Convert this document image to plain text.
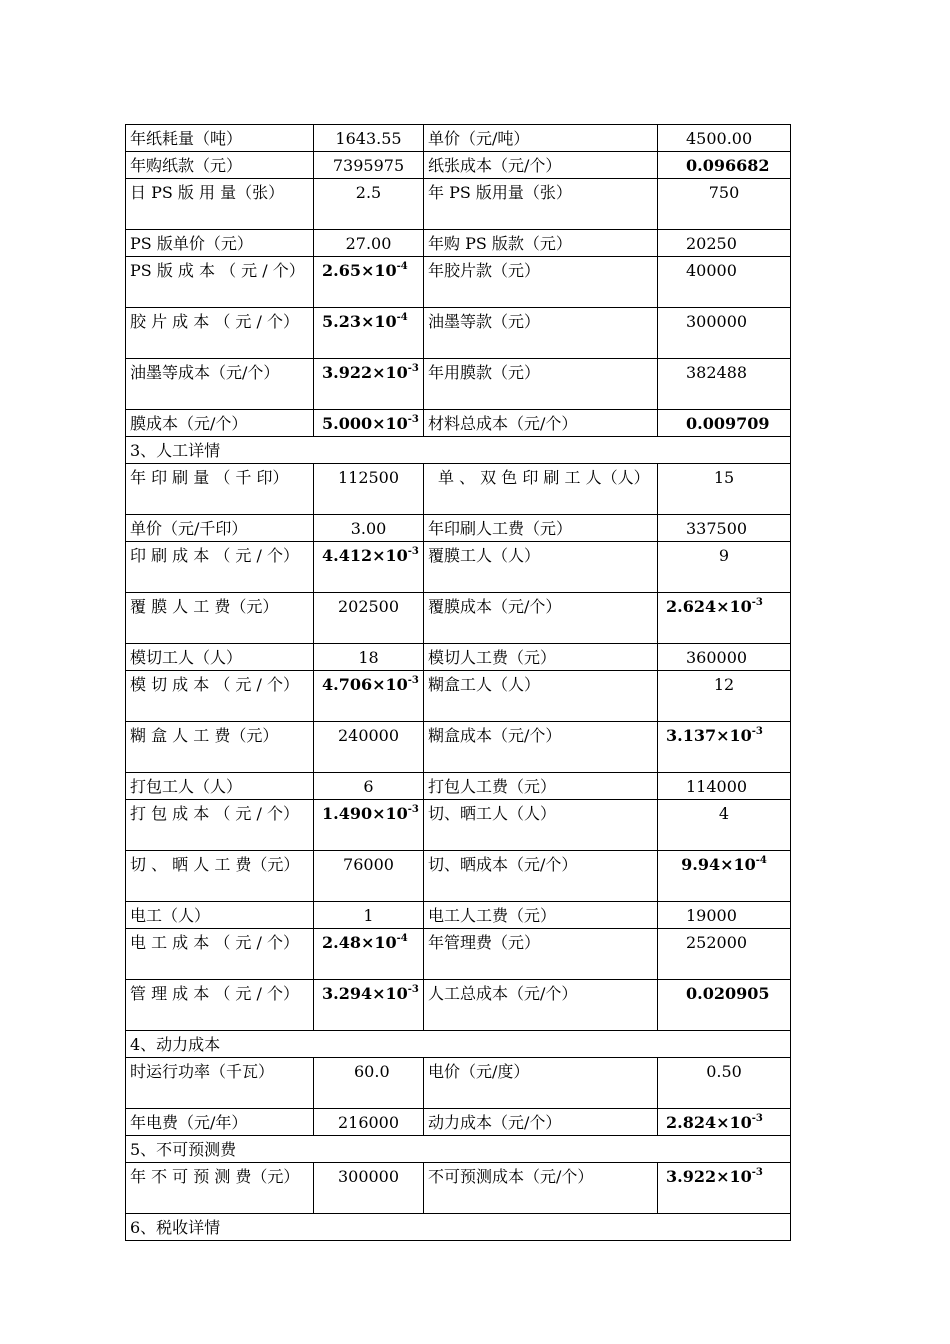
年纸耗量（吨）	1643.55	单价（元/吨）	4500.00
年购纸款（元）	7395975	纸张成本（元/个）	0.096682
日 PS 版 用 量（张）	2.5	年 PS 版用量（张）	750
PS 版单价（元）	27.00	年购 PS 版款（元）	20250
PS 版 成 本 （ 元 / 个）	$2.65\times 10^{-4}$	年胶片款（元）	40000
胶 片 成 本 （ 元 / 个）	$5.23\times 10^{-4}$	油墨等款（元）	300000
油墨等成本（元/个）	$3.922\times 10^{-3}$	年用膜款（元）	382488
膜成本（元/个）	$5.000\times 10^{-3}$	材料总成本（元/个）	0.009709
3、人工详情			
年 印 刷 量 （ 千 印）	112500	单 、 双 色 印 刷 工 人（人）	15
单价（元/千印）	3.00	年印刷人工费（元）	337500
印 刷 成 本 （ 元 / 个）	$4.412\times 10^{-3}$	覆膜工人（人）	9
覆 膜 人 工 费（元）	202500	覆膜成本（元/个）	$2.624\times 10^{-3}$
模切工人（人）	18	模切人工费（元）	360000
模 切 成 本 （ 元 / 个）	$4.706\times 10^{-3}$	糊盒工人（人）	12
糊 盒 人 工 费（元）	240000	糊盒成本（元/个）	$3.137\times 10^{-3}$
打包工人（人）	6	打包人工费（元）	114000
打 包 成 本 （ 元 / 个）	$1.490\times 10^{-3}$	切、晒工人（人）	4
切 、 晒 人 工 费（元）	76000	切、晒成本（元/个）	$9.94\times 10^{-4}$
电工（人）	1	电工人工费（元）	19000
电 工 成 本 （ 元 / 个）	$2.48\times 10^{-4}$	年管理费（元）	252000
管 理 成 本 （ 元 / 个）	$3.294\times 10^{-3}$	人工总成本（元/个）	0.020905
4、动力成本			
时运行功率（千瓦）	60.0	电价（元/度）	0.50
年电费（元/年）	216000	动力成本（元/个）	$2.824\times 10^{-3}$
5、不可预测费			
年 不 可 预 测 费（元）	300000	不可预测成本（元/个）	$3.922\times 10^{-3}$
6、税收详情			
